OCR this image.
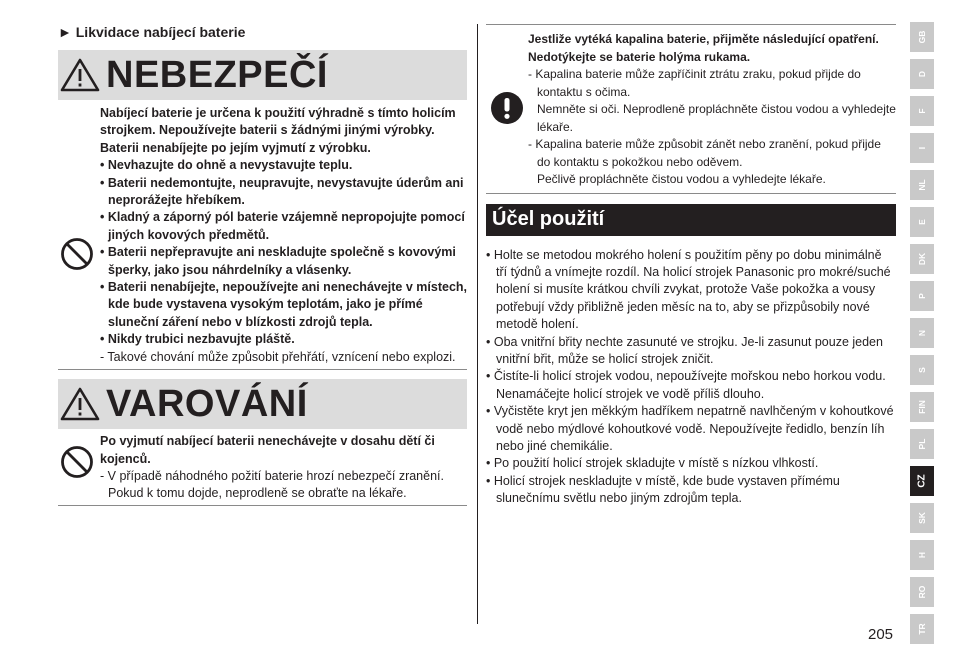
► Likvidace nabíjecí baterie
NEBEZPEČÍ
Nabíjecí baterie je určena k použití výhradně s tímto holicím strojkem. Nepoužívejte baterii s žádnými jinými výrobky.
Baterii nenabíjejte po jejím vyjmutí z výrobku.
• Nevhazujte do ohně a nevystavujte teplu.
• Baterii nedemontujte, neupravujte, nevystavujte úderům ani neprorážejte hřebíkem.
• Kladný a záporný pól baterie vzájemně nepropojujte pomocí jiných kovových předmětů.
• Baterii nepřepravujte ani neskladujte společně s kovovými šperky, jako jsou náhrdelníky a vlásenky.
• Baterii nenabíjejte, nepoužívejte ani nenechávejte v místech, kde bude vystavena vysokým teplotám, jako je přímé sluneční záření nebo v blízkosti zdrojů tepla.
• Nikdy trubici nezbavujte pláště.
- Takové chování může způsobit přehřátí, vznícení nebo explozi.
VAROVÁNÍ
Po vyjmutí nabíjecí baterii nenechávejte v dosahu dětí či kojenců.
- V případě náhodného požití baterie hrozí nebezpečí zranění. Pokud k tomu dojde, neprodleně se obraťte na lékaře.
Jestliže vytéká kapalina baterie, přijměte následující opatření. Nedotýkejte se baterie holýma rukama.
- Kapalina baterie může zapříčinit ztrátu zraku, pokud přijde do kontaktu s očima.
Nemněte si oči. Neprodleně propláchněte čistou vodou a vyhledejte lékaře.
- Kapalina baterie může způsobit zánět nebo zranění, pokud přijde do kontaktu s pokožkou nebo oděvem.
Pečlivě propláchněte čistou vodou a vyhledejte lékaře.
Účel použití
• Holte se metodou mokrého holení s použitím pěny po dobu minimálně tří týdnů a vnímejte rozdíl. Na holicí strojek Panasonic pro mokré/suché holení si musíte krátkou chvíli zvykat, protože Vaše pokožka a vousy potřebují vždy přibližně jeden měsíc na to, aby se přizpůsobily nové metodě holení.
• Oba vnitřní břity nechte zasunuté ve strojku. Je-li zasunut pouze jeden vnitřní břit, může se holicí strojek zničit.
• Čistíte-li holicí strojek vodou, nepoužívejte mořskou nebo horkou vodu. Nenamáčejte holicí strojek ve vodě příliš dlouho.
• Vyčistěte kryt jen měkkým hadříkem nepatrně navlhčeným v kohoutkové vodě nebo mýdlové kohoutkové vodě. Nepoužívejte ředidlo, benzín líh nebo jiné chemikálie.
• Po použití holicí strojek skladujte v místě s nízkou vlhkostí.
• Holicí strojek neskladujte v místě, kde bude vystaven přímému slunečnímu světlu nebo jiným zdrojům tepla.
GB
D
F
I
NL
E
DK
P
N
S
FIN
PL
CZ
SK
H
RO
TR
205
